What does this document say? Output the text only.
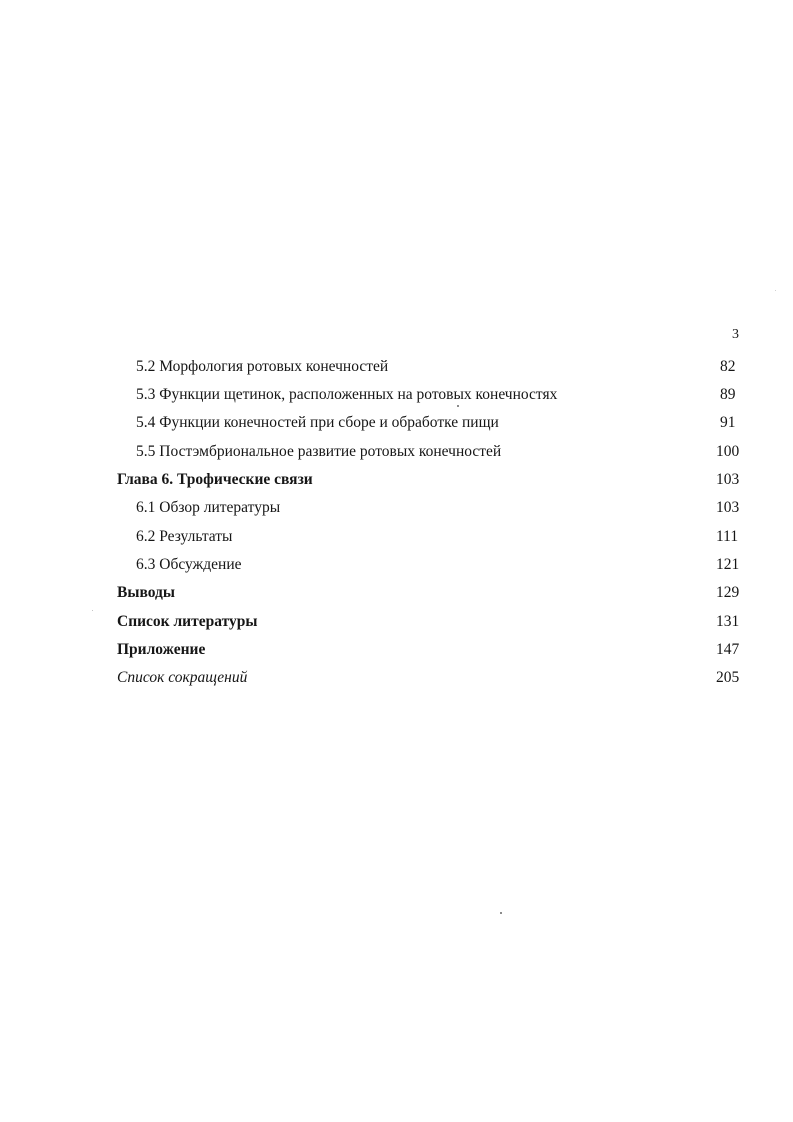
3
5.2 Морфология ротовых конечностей	82
5.3 Функции щетинок, расположенных на ротовых конечностях	89
5.4 Функции конечностей при сборе и обработке пищи	91
5.5 Постэмбриональное развитие ротовых конечностей	100
Глава 6. Трофические связи	103
6.1 Обзор литературы	103
6.2 Результаты	111
6.3 Обсуждение	121
Выводы	129
Список литературы	131
Приложение	147
Список сокращений	205
